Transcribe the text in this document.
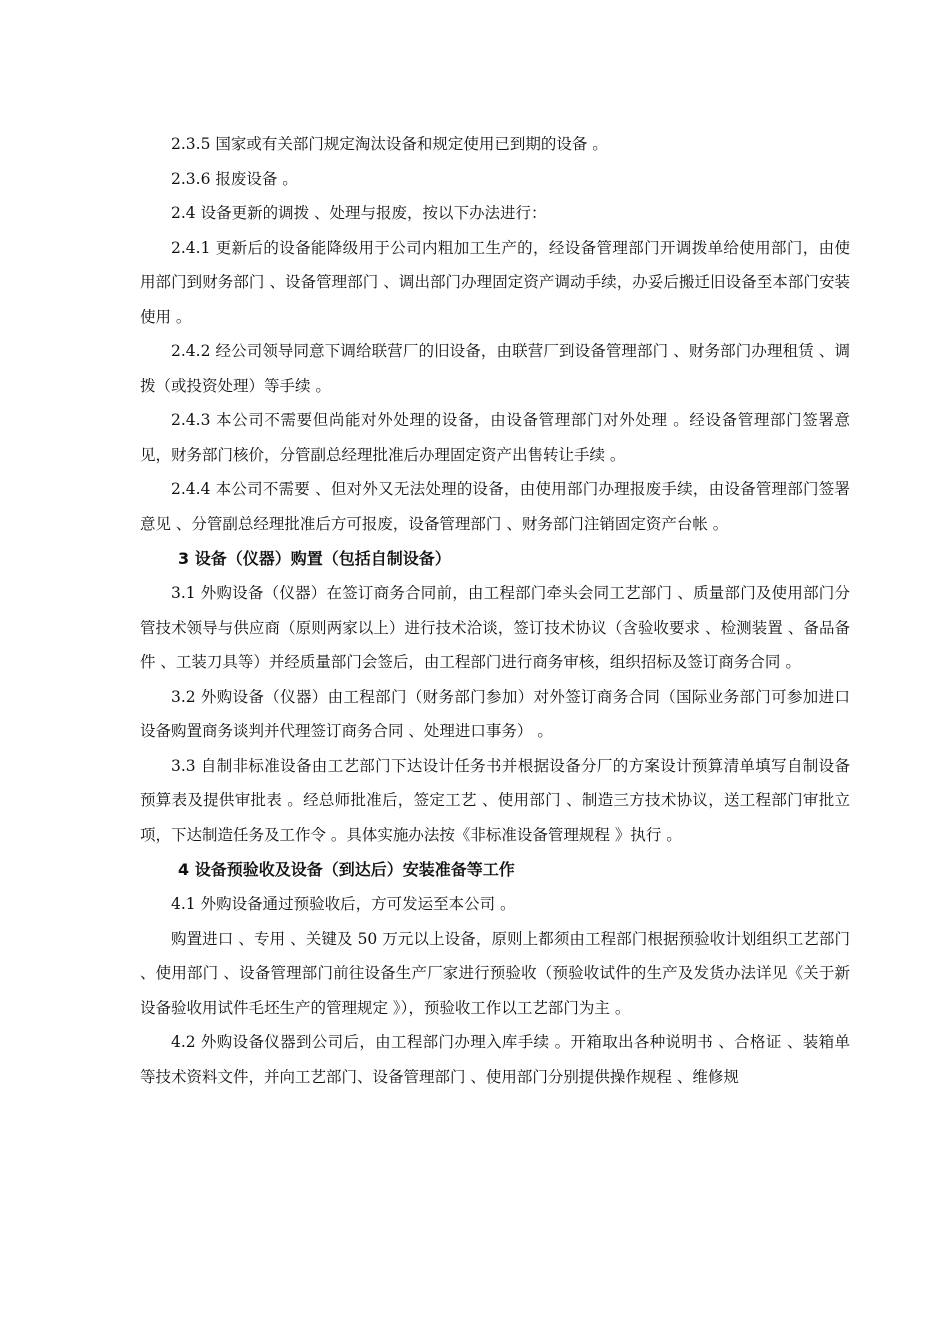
2.3.5 国家或有关部门规定淘汰设备和规定使用已到期的设备 。

2.3.6 报废设备 。

2.4 设备更新的调拨 、处理与报废，按以下办法进行：

2.4.1 更新后的设备能降级用于公司内粗加工生产的，经设备管理部门开调拨单给使用部门，由使用部门到财务部门 、设备管理部门 、调出部门办理固定资产调动手续，办妥后搬迁旧设备至本部门安装使用 。

2.4.2 经公司领导同意下调给联营厂的旧设备，由联营厂到设备管理部门 、财务部门办理租赁 、调拨（或投资处理）等手续 。

2.4.3 本公司不需要但尚能对外处理的设备，由设备管理部门对外处理 。经设备管理部门签署意见，财务部门核价，分管副总经理批准后办理固定资产出售转让手续 。

2.4.4 本公司不需要 、但对外又无法处理的设备，由使用部门办理报废手续，由设备管理部门签署意见 、分管副总经理批准后方可报废，设备管理部门 、财务部门注销固定资产台帐 。

3 设备（仪器）购置（包括自制设备）

3.1 外购设备（仪器）在签订商务合同前，由工程部门牵头会同工艺部门 、质量部门及使用部门分管技术领导与供应商（原则两家以上）进行技术洽谈，签订技术协议（含验收要求 、检测装置 、备品备件 、工装刀具等）并经质量部门会签后，由工程部门进行商务审核，组织招标及签订商务合同 。

3.2 外购设备（仪器）由工程部门（财务部门参加）对外签订商务合同（国际业务部门可参加进口设备购置商务谈判并代理签订商务合同 、处理进口事务） 。

3.3 自制非标准设备由工艺部门下达设计任务书并根据设备分厂的方案设计预算清单填写自制设备预算表及提供审批表 。经总师批准后，签定工艺 、使用部门 、制造三方技术协议，送工程部门审批立项，下达制造任务及工作令 。具体实施办法按《非标准设备管理规程 》执行 。

4 设备预验收及设备（到达后）安装准备等工作

4.1 外购设备通过预验收后，方可发运至本公司 。

购置进口 、专用 、关键及 50 万元以上设备，原则上都须由工程部门根据预验收计划组织工艺部门 、使用部门 、设备管理部门前往设备生产厂家进行预验收（预验收试件的生产及发货办法详见《关于新设备验收用试件毛坯生产的管理规定 》），预验收工作以工艺部门为主 。

4.2 外购设备仪器到公司后，由工程部门办理入库手续 。开箱取出各种说明书 、合格证 、装箱单等技术资料文件，并向工艺部门、设备管理部门 、使用部门分别提供操作规程 、维修规
